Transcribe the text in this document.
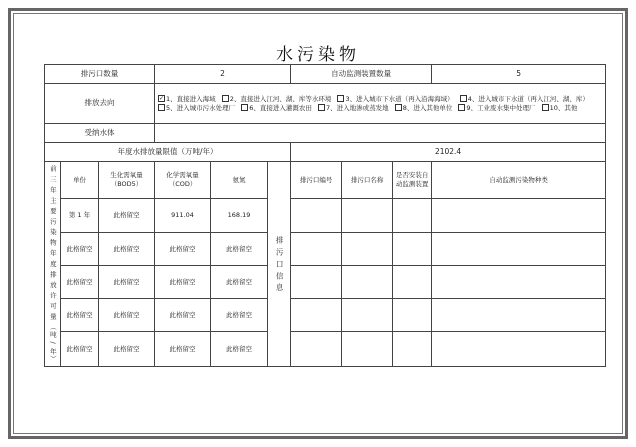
水污染物
排污口数量			2			自动监测装置数量			5
排放去向			✓ 1、直接进入海域 2、直接进入江河、湖、库等水环境 3、进入城市下水道（再入沿海海域） 4、进入城市下水道（再入江河、湖、库） 5、进入城市污水处理厂 6、直接进入灌溉农田 7、进入地渗或蒸发地 8、进入其他单位 9、工业废水集中处理厂 10、其他						
受纳水体									
年度水排放量限值（万吨/年）						2102.4			
前 三 年 主 要 污 染 物 年 度 排 放 许 可 量 （吨 / 年）	单份	生化需氧量（BOD5）	化学需氧量（COD）	氨氮	排 污 口 信 息	排污口编号	排污口名称	是否安装自动监测装置	自动监测污染物种类
	第 1 年	此格留空	911.04	168.19					
	此格留空	此格留空	此格留空	此格留空					
	此格留空	此格留空	此格留空	此格留空					
	此格留空	此格留空	此格留空	此格留空					
	此格留空	此格留空	此格留空	此格留空					
